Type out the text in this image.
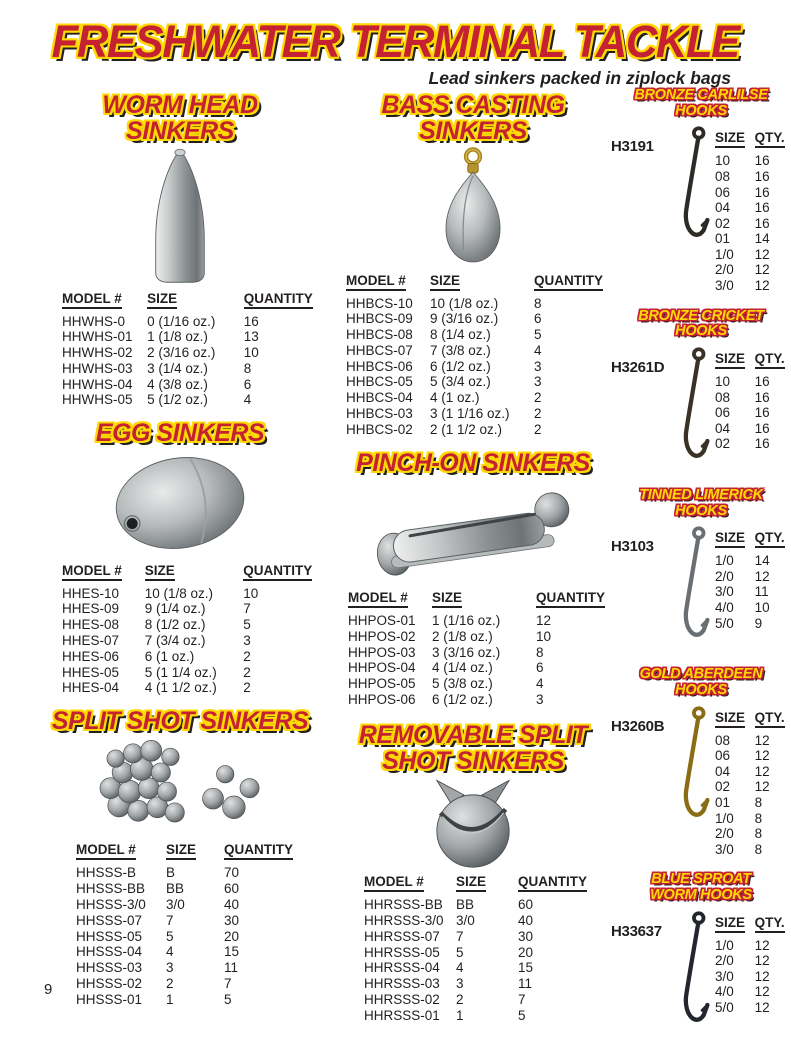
FRESHWATER TERMINAL TACKLE
Lead sinkers packed in ziplock bags
WORM HEAD
SINKERS
MODEL #	SIZE	QUANTITY
HHWHS-0	0 (1/16 oz.)	16
HHWHS-01	1 (1/8 oz.)	13
HHWHS-02	2 (3/16 oz.)	10
HHWHS-03	3 (1/4 oz.)	8
HHWHS-04	4 (3/8 oz.)	6
HHWHS-05	5 (1/2 oz.)	4
EGG SINKERS
MODEL #	SIZE	QUANTITY
HHES-10	10 (1/8 oz.)	10
HHES-09	9 (1/4 oz.)	7
HHES-08	8 (1/2 oz.)	5
HHES-07	7 (3/4 oz.)	3
HHES-06	6 (1 oz.)	2
HHES-05	5 (1 1/4 oz.)	2
HHES-04	4 (1 1/2 oz.)	2
SPLIT SHOT SINKERS
MODEL #	SIZE	QUANTITY
HHSSS-B	B	70
HHSSS-BB	BB	60
HHSSS-3/0	3/0	40
HHSSS-07	7	30
HHSSS-05	5	20
HHSSS-04	4	15
HHSSS-03	3	11
HHSSS-02	2	7
HHSSS-01	1	5
BASS CASTING
SINKERS
MODEL #	SIZE	QUANTITY
HHBCS-10	10 (1/8 oz.)	8
HHBCS-09	9 (3/16 oz.)	6
HHBCS-08	8 (1/4 oz.)	5
HHBCS-07	7 (3/8 oz.)	4
HHBCS-06	6 (1/2 oz.)	3
HHBCS-05	5 (3/4 oz.)	3
HHBCS-04	4 (1 oz.)	2
HHBCS-03	3 (1 1/16 oz.)	2
HHBCS-02	2 (1 1/2 oz.)	2
PINCH-ON SINKERS
MODEL #	SIZE	QUANTITY
HHPOS-01	1 (1/16 oz.)	12
HHPOS-02	2 (1/8 oz.)	10
HHPOS-03	3 (3/16 oz.)	8
HHPOS-04	4 (1/4 oz.)	6
HHPOS-05	5 (3/8 oz.)	4
HHPOS-06	6 (1/2 oz.)	3
REMOVABLE SPLIT
SHOT SINKERS
MODEL #	SIZE	QUANTITY
HHRSSS-BB	BB	60
HHRSSS-3/0	3/0	40
HHRSSS-07	7	30
HHRSSS-05	5	20
HHRSSS-04	4	15
HHRSSS-03	3	11
HHRSSS-02	2	7
HHRSSS-01	1	5
BRONZE CARLILSE
HOOKS
H3191
SIZE	QTY.
10	16
08	16
06	16
04	16
02	16
01	14
1/0	12
2/0	12
3/0	12
BRONZE CRICKET
HOOKS
H3261D
SIZE	QTY.
10	16
08	16
06	16
04	16
02	16
TINNED LIMERICK
HOOKS
H3103
SIZE	QTY.
1/0	14
2/0	12
3/0	11
4/0	10
5/0	9
GOLD ABERDEEN
HOOKS
H3260B
SIZE	QTY.
08	12
06	12
04	12
02	12
01	8
1/0	8
2/0	8
3/0	8
BLUE SPROAT
WORM HOOKS
H33637
SIZE	QTY.
1/0	12
2/0	12
3/0	12
4/0	12
5/0	12
9
